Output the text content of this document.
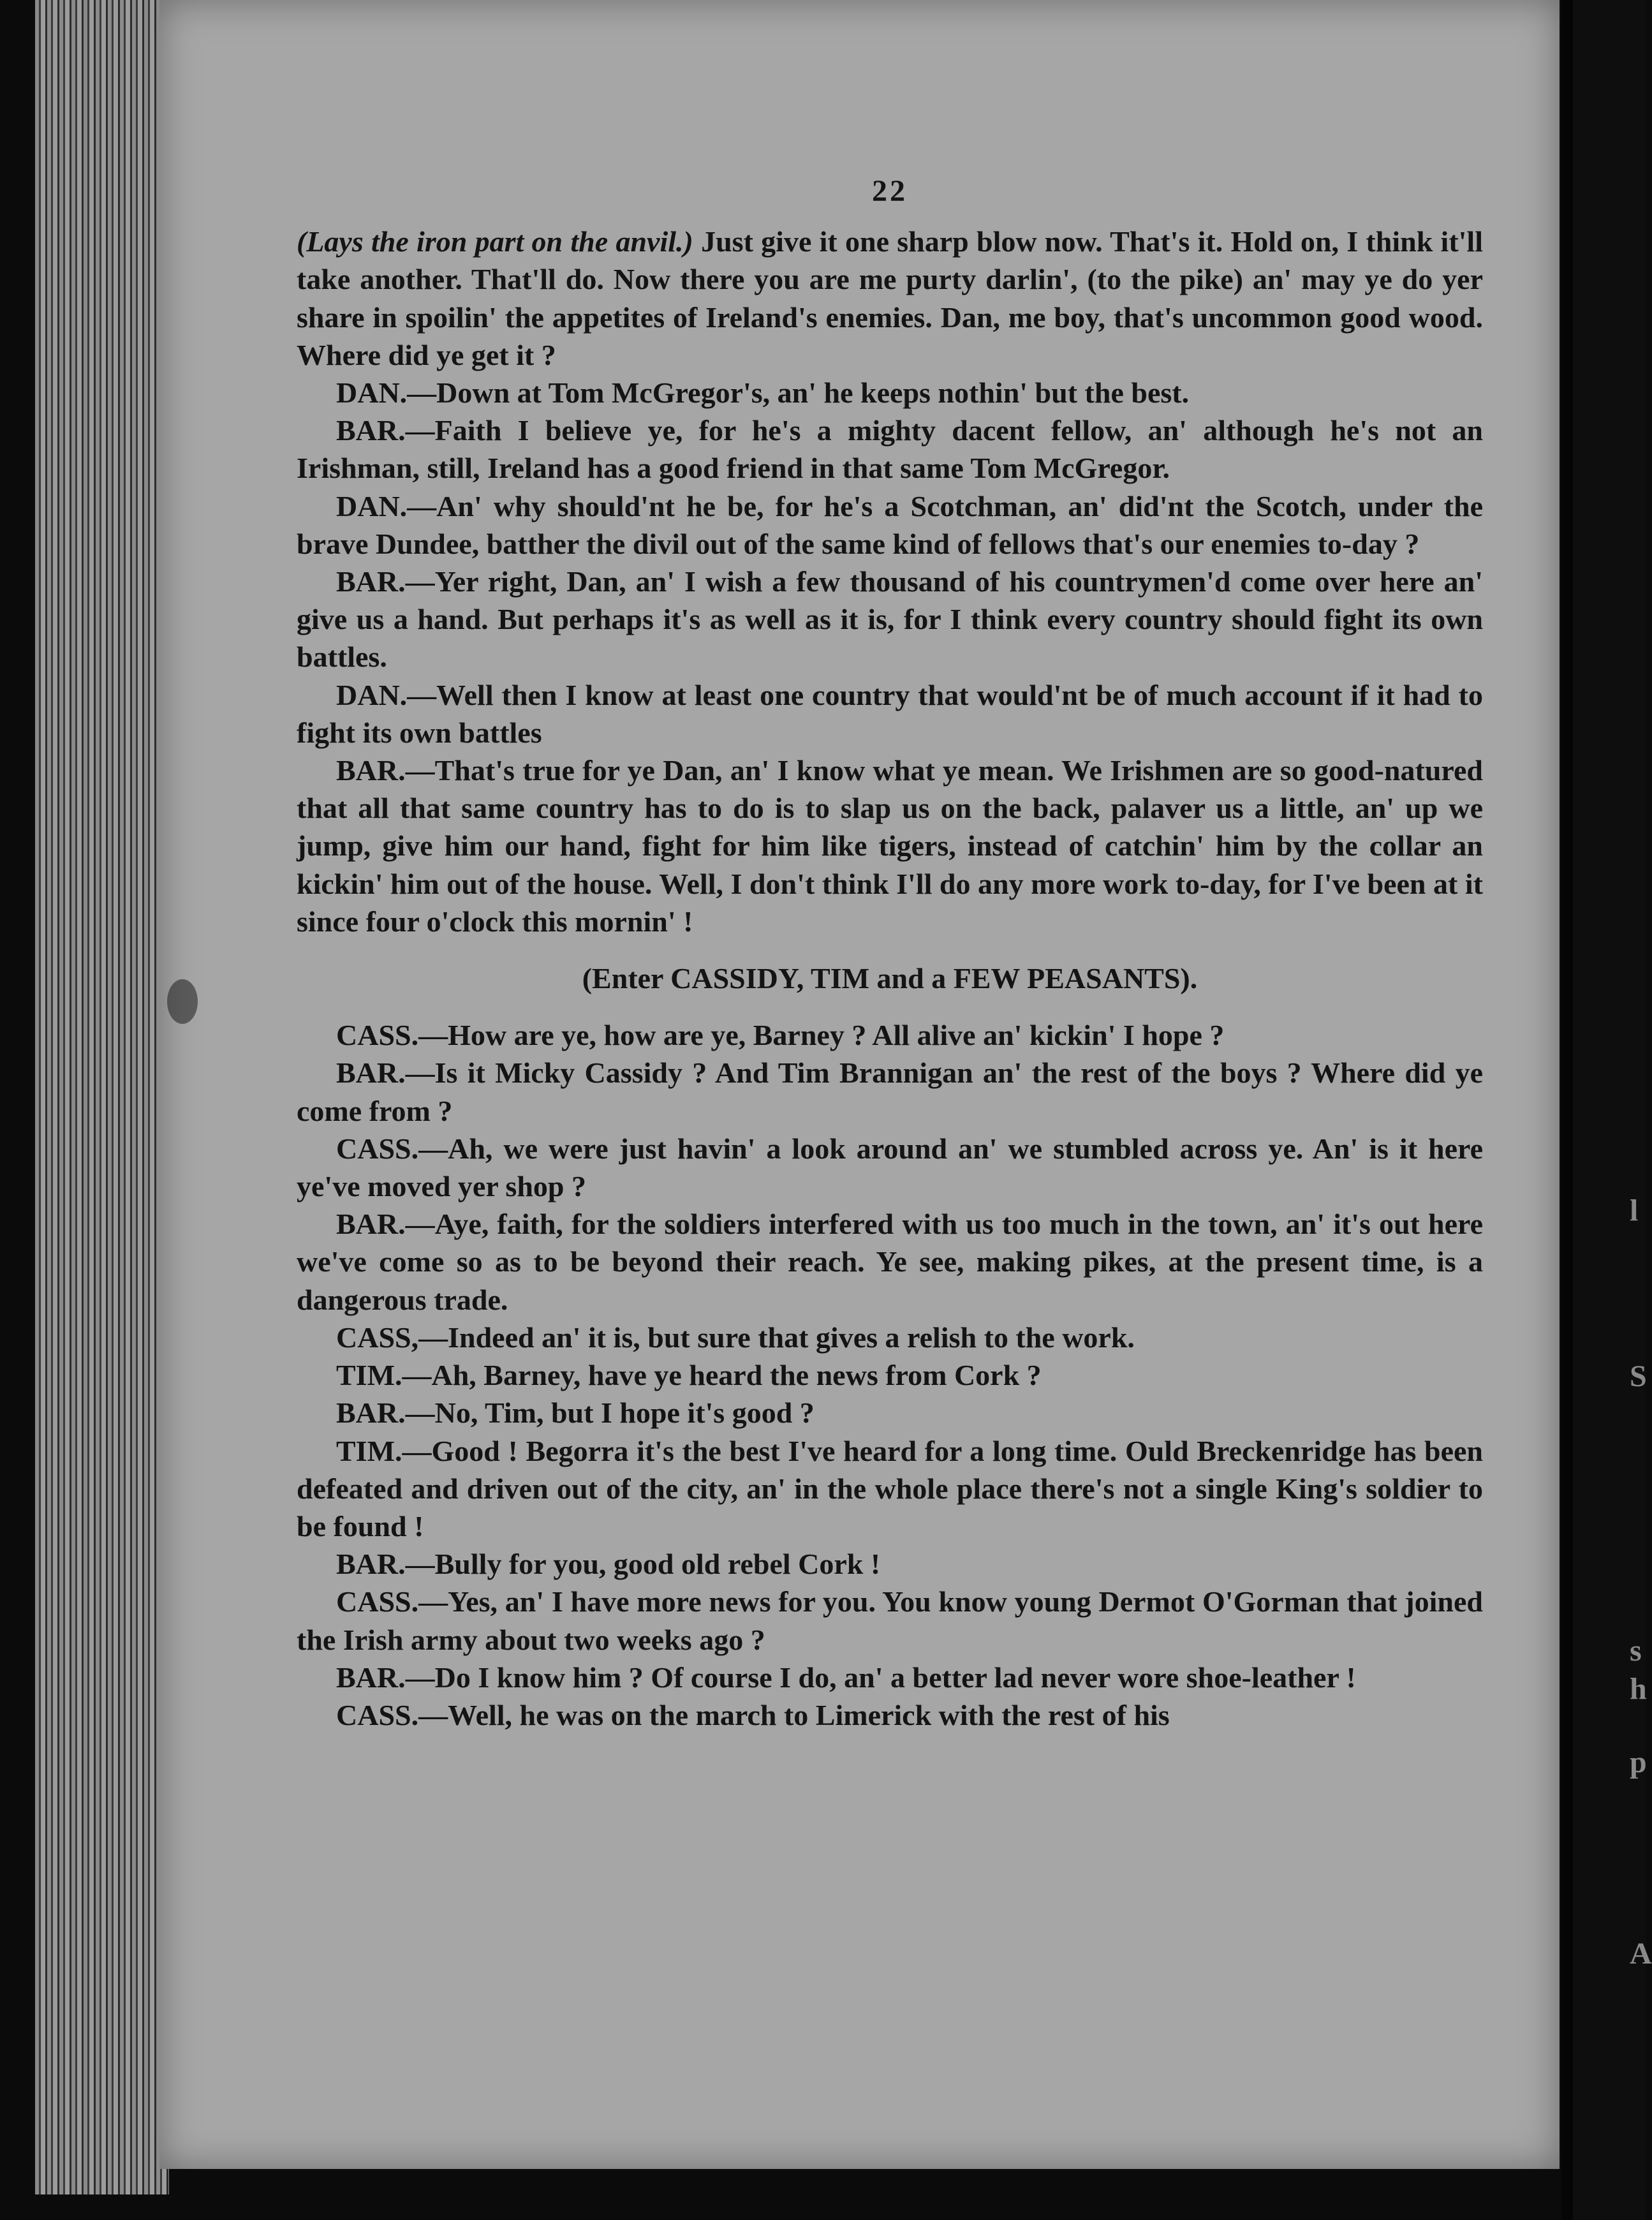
l
S
s
h
p
A
22

(Lays the iron part on the anvil.) Just give it one sharp blow now. That's it. Hold on, I think it'll take another. That'll do. Now there you are me purty darlin', (to the pike) an' may ye do yer share in spoilin' the appetites of Ireland's enemies. Dan, me boy, that's uncommon good wood. Where did ye get it ?

DAN.—Down at Tom McGregor's, an' he keeps nothin' but the best.

BAR.—Faith I believe ye, for he's a mighty dacent fellow, an' although he's not an Irishman, still, Ireland has a good friend in that same Tom McGregor.

DAN.—An' why should'nt he be, for he's a Scotchman, an' did'nt the Scotch, under the brave Dundee, batther the divil out of the same kind of fellows that's our enemies to-day ?

BAR.—Yer right, Dan, an' I wish a few thousand of his countrymen'd come over here an' give us a hand. But perhaps it's as well as it is, for I think every country should fight its own battles.

DAN.—Well then I know at least one country that would'nt be of much account if it had to fight its own battles

BAR.—That's true for ye Dan, an' I know what ye mean. We Irishmen are so good-natured that all that same country has to do is to slap us on the back, palaver us a little, an' up we jump, give him our hand, fight for him like tigers, instead of catchin' him by the collar an kickin' him out of the house. Well, I don't think I'll do any more work to-day, for I've been at it since four o'clock this mornin' !

(Enter CASSIDY, TIM and a FEW PEASANTS).

CASS.—How are ye, how are ye, Barney ? All alive an' kickin' I hope ?

BAR.—Is it Micky Cassidy ? And Tim Brannigan an' the rest of the boys ? Where did ye come from ?

CASS.—Ah, we were just havin' a look around an' we stumbled across ye. An' is it here ye've moved yer shop ?

BAR.—Aye, faith, for the soldiers interfered with us too much in the town, an' it's out here we've come so as to be beyond their reach. Ye see, making pikes, at the present time, is a dangerous trade.

CASS,—Indeed an' it is, but sure that gives a relish to the work.

TIM.—Ah, Barney, have ye heard the news from Cork ?

BAR.—No, Tim, but I hope it's good ?

TIM.—Good ! Begorra it's the best I've heard for a long time. Ould Breckenridge has been defeated and driven out of the city, an' in the whole place there's not a single King's soldier to be found !

BAR.—Bully for you, good old rebel Cork !

CASS.—Yes, an' I have more news for you. You know young Dermot O'Gorman that joined the Irish army about two weeks ago ?

BAR.—Do I know him ? Of course I do, an' a better lad never wore shoe-leather !

CASS.—Well, he was on the march to Limerick with the rest of his
